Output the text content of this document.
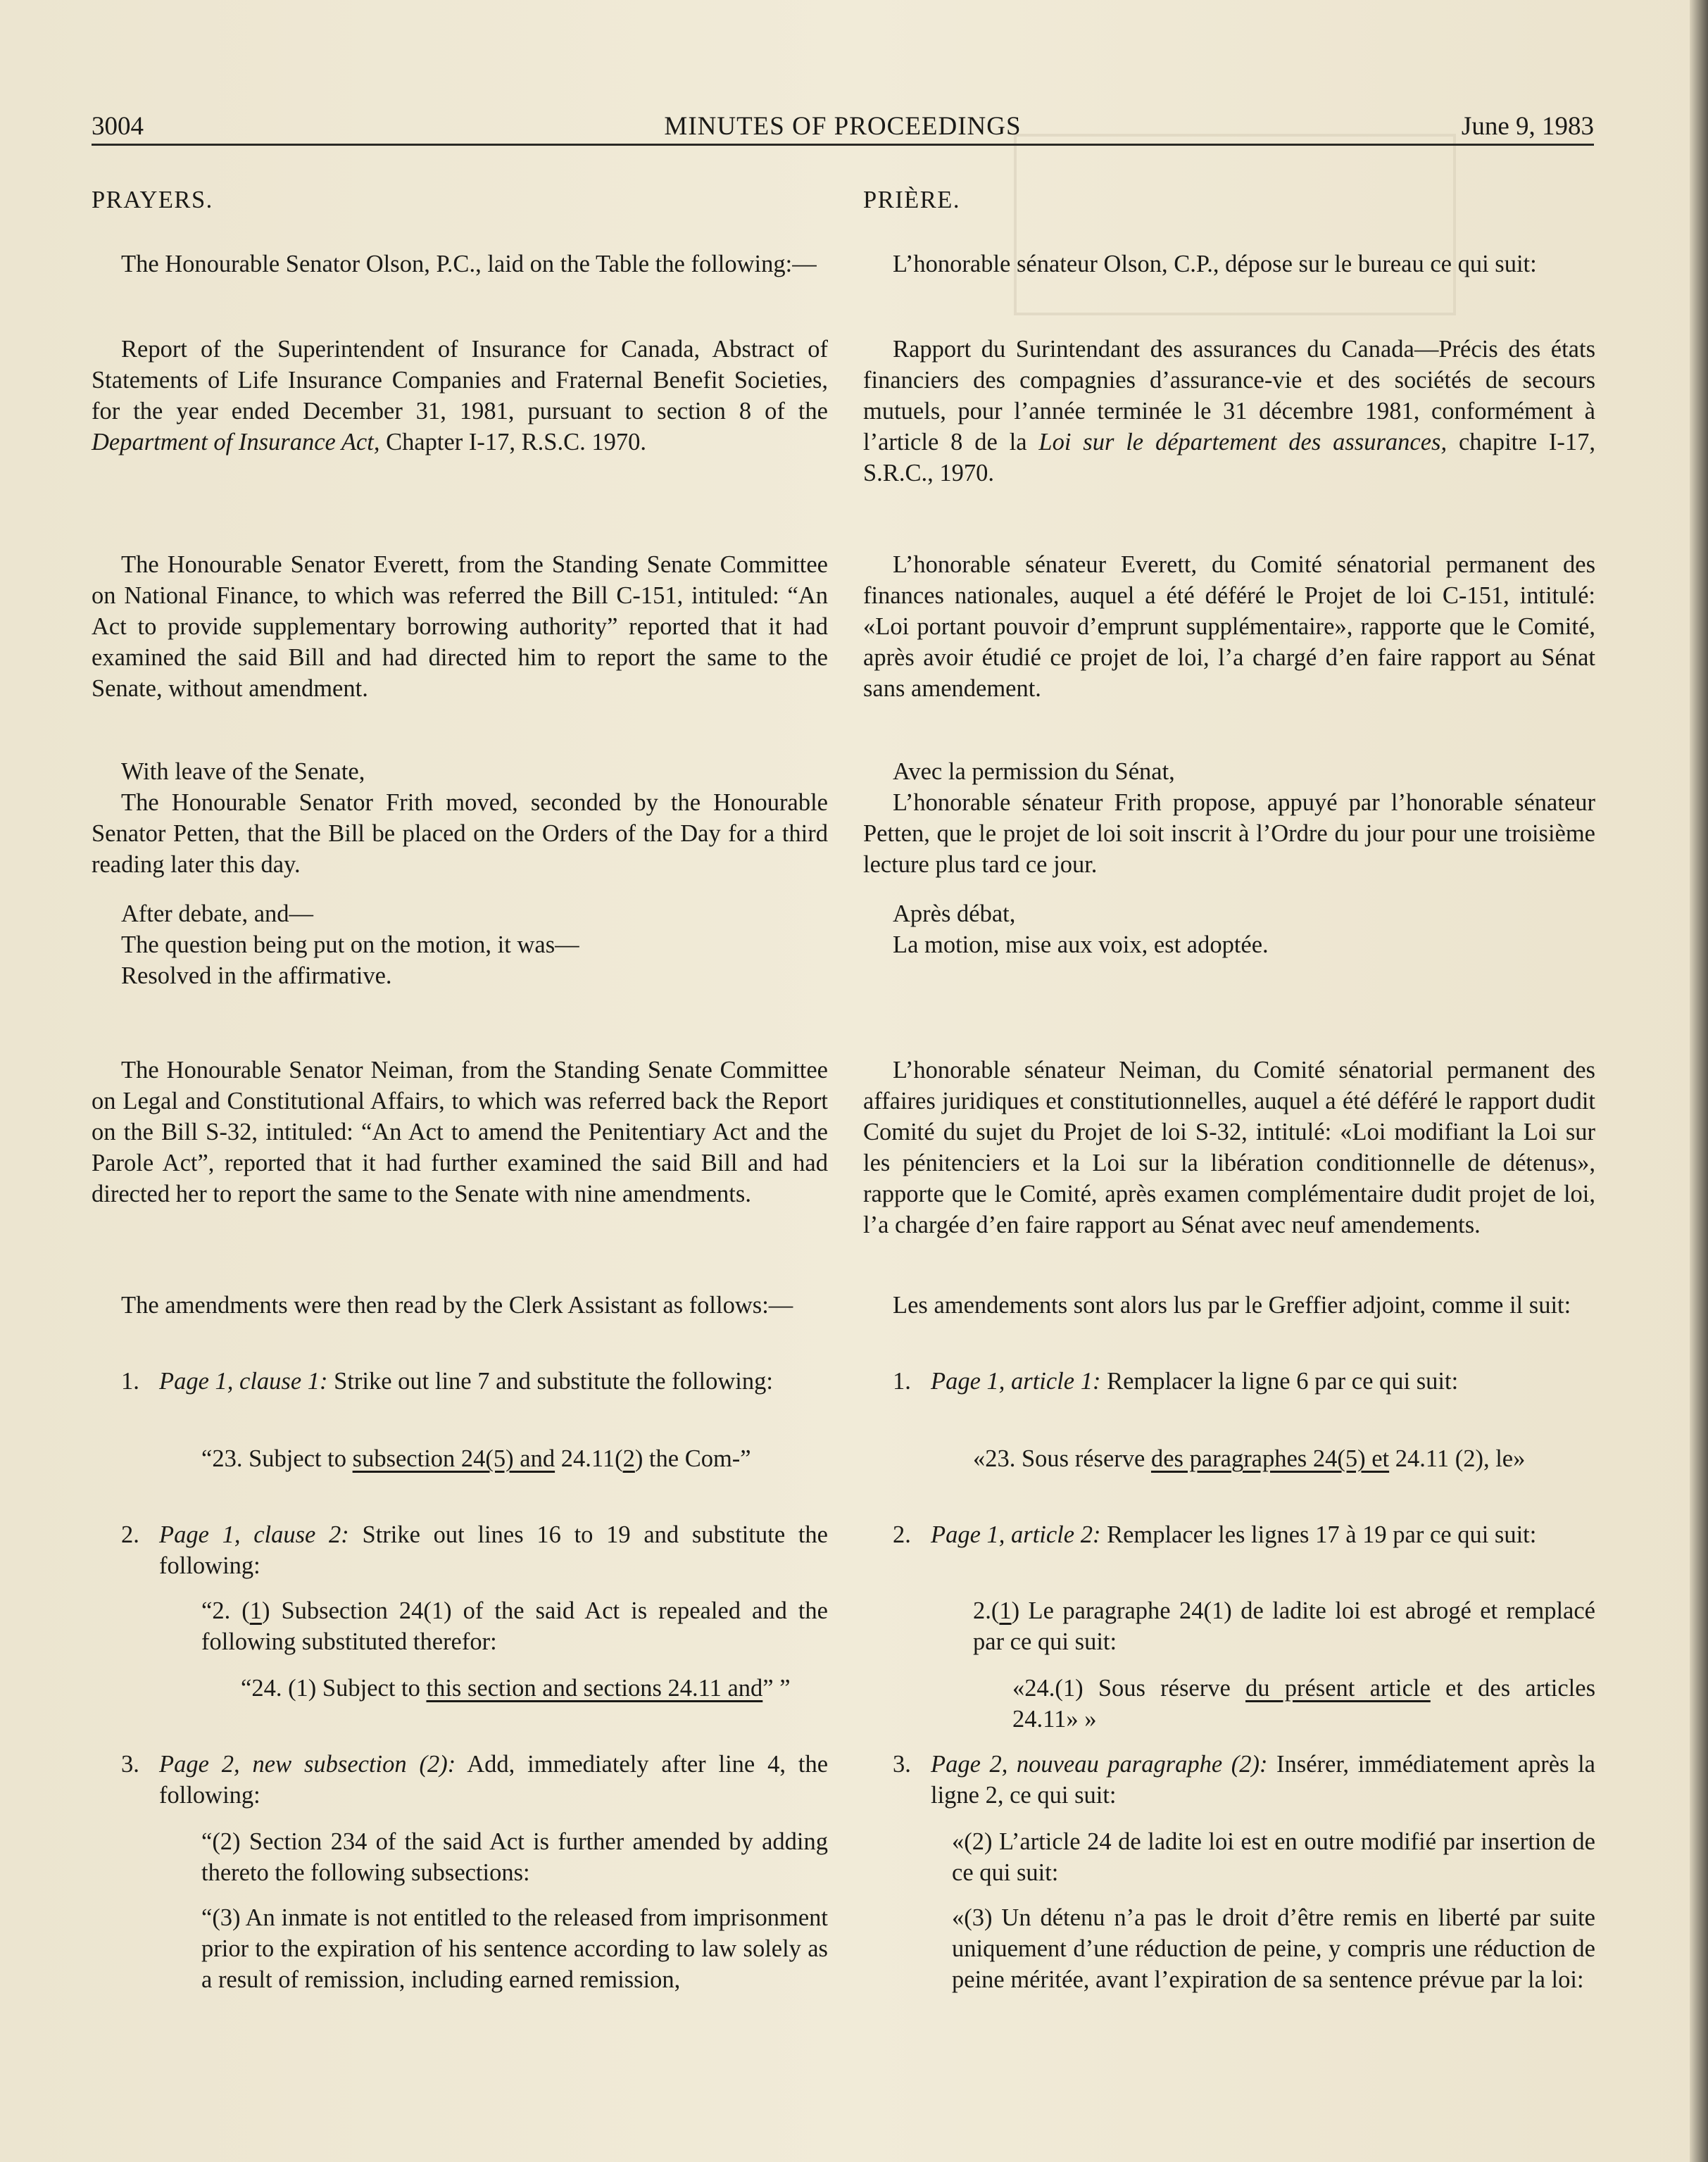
3004	MINUTES OF PROCEEDINGS	June 9, 1983

PRAYERS.

The Honourable Senator Olson, P.C., laid on the Table the following:—

Report of the Superintendent of Insurance for Canada, Abstract of Statements of Life Insurance Companies and Fraternal Benefit Societies, for the year ended December 31, 1981, pursuant to section 8 of the Department of Insurance Act, Chapter I-17, R.S.C. 1970.

The Honourable Senator Everett, from the Standing Senate Committee on National Finance, to which was referred the Bill C-151, intituled: “An Act to provide supplementary borrowing authority” reported that it had examined the said Bill and had directed him to report the same to the Senate, without amendment.

With leave of the Senate,

The Honourable Senator Frith moved, seconded by the Honourable Senator Petten, that the Bill be placed on the Orders of the Day for a third reading later this day.

After debate, and—

The question being put on the motion, it was—

Resolved in the affirmative.

The Honourable Senator Neiman, from the Standing Senate Committee on Legal and Constitutional Affairs, to which was referred back the Report on the Bill S-32, intituled: “An Act to amend the Penitentiary Act and the Parole Act”, reported that it had further examined the said Bill and had directed her to report the same to the Senate with nine amendments.

The amendments were then read by the Clerk Assistant as follows:—

1. Page 1, clause 1: Strike out line 7 and substitute the following:

“23. Subject to subsection 24(5) and 24.11(2) the Com-”

2. Page 1, clause 2: Strike out lines 16 to 19 and substitute the following:

“2. (1) Subsection 24(1) of the said Act is repealed and the following substituted therefor:

“24. (1) Subject to this section and sections 24.11 and” ”

3. Page 2, new subsection (2): Add, immediately after line 4, the following:

“(2) Section 234 of the said Act is further amended by adding thereto the following subsections:

“(3) An inmate is not entitled to the released from imprisonment prior to the expiration of his sentence according to law solely as a result of remission, including earned remission,

PRIÈRE.

L’honorable sénateur Olson, C.P., dépose sur le bureau ce qui suit:

Rapport du Surintendant des assurances du Canada—Précis des états financiers des compagnies d’assurance-vie et des sociétés de secours mutuels, pour l’année terminée le 31 décembre 1981, conformément à l’article 8 de la Loi sur le département des assurances, chapitre I-17, S.R.C., 1970.

L’honorable sénateur Everett, du Comité sénatorial permanent des finances nationales, auquel a été déféré le Projet de loi C-151, intitulé: «Loi portant pouvoir d’emprunt supplémentaire», rapporte que le Comité, après avoir étudié ce projet de loi, l’a chargé d’en faire rapport au Sénat sans amendement.

Avec la permission du Sénat,

L’honorable sénateur Frith propose, appuyé par l’honorable sénateur Petten, que le projet de loi soit inscrit à l’Ordre du jour pour une troisième lecture plus tard ce jour.

Après débat,

La motion, mise aux voix, est adoptée.

L’honorable sénateur Neiman, du Comité sénatorial permanent des affaires juridiques et constitutionnelles, auquel a été déféré le rapport dudit Comité du sujet du Projet de loi S-32, intitulé: «Loi modifiant la Loi sur les pénitenciers et la Loi sur la libération conditionnelle de détenus», rapporte que le Comité, après examen complémentaire dudit projet de loi, l’a chargée d’en faire rapport au Sénat avec neuf amendements.

Les amendements sont alors lus par le Greffier adjoint, comme il suit:

1. Page 1, article 1: Remplacer la ligne 6 par ce qui suit:

«23. Sous réserve des paragraphes 24(5) et 24.11 (2), le»

2. Page 1, article 2: Remplacer les lignes 17 à 19 par ce qui suit:

2.(1) Le paragraphe 24(1) de ladite loi est abrogé et remplacé par ce qui suit:

«24.(1) Sous réserve du présent article et des articles 24.11» »

3. Page 2, nouveau paragraphe (2): Insérer, immédiatement après la ligne 2, ce qui suit:

«(2) L’article 24 de ladite loi est en outre modifié par insertion de ce qui suit:

«(3) Un détenu n’a pas le droit d’être remis en liberté par suite uniquement d’une réduction de peine, y compris une réduction de peine méritée, avant l’expiration de sa sentence prévue par la loi:
